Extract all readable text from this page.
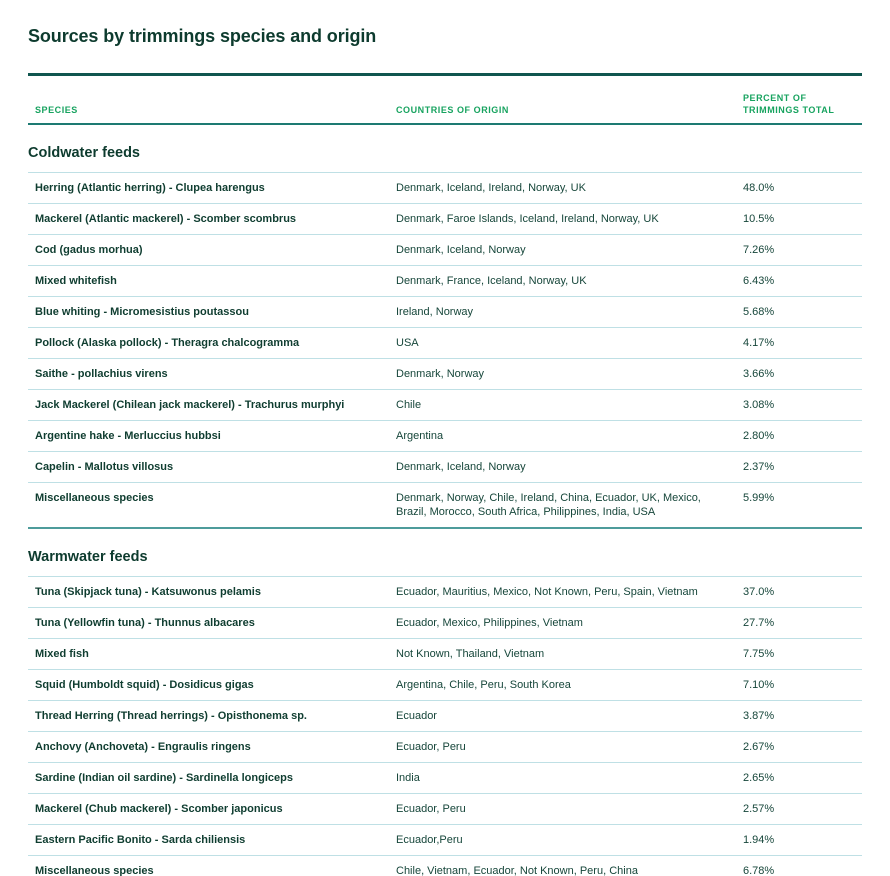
Sources by trimmings species and origin
SPECIES	COUNTRIES OF ORIGIN	PERCENT OF
TRIMMINGS TOTAL

Coldwater feeds		

Herring (Atlantic herring) - Clupea harengus	Denmark, Iceland, Ireland, Norway, UK	48.0%
Mackerel (Atlantic mackerel) - Scomber scombrus	Denmark, Faroe Islands, Iceland, Ireland, Norway, UK	10.5%
Cod (gadus morhua)	Denmark, Iceland, Norway	7.26%
Mixed whitefish	Denmark, France, Iceland, Norway, UK	6.43%
Blue whiting - Micromesistius poutassou	Ireland, Norway	5.68%
Pollock (Alaska pollock) - Theragra chalcogramma	USA	4.17%
Saithe - pollachius virens	Denmark, Norway	3.66%
Jack Mackerel (Chilean jack mackerel) - Trachurus murphyi	Chile	3.08%
Argentine hake - Merluccius hubbsi	Argentina	2.80%
Capelin - Mallotus villosus	Denmark, Iceland, Norway	2.37%
Miscellaneous species	Denmark, Norway, Chile, Ireland, China, Ecuador, UK, Mexico, Brazil, Morocco, South Africa, Philippines, India, USA	5.99%

Warmwater feeds		

Tuna (Skipjack tuna) - Katsuwonus pelamis	Ecuador, Mauritius, Mexico, Not Known, Peru, Spain, Vietnam	37.0%
Tuna (Yellowfin tuna) - Thunnus albacares	Ecuador, Mexico, Philippines, Vietnam	27.7%
Mixed fish	Not Known, Thailand, Vietnam	7.75%
Squid (Humboldt squid) - Dosidicus gigas	Argentina, Chile, Peru, South Korea	7.10%
Thread Herring (Thread herrings) - Opisthonema sp.	Ecuador	3.87%
Anchovy (Anchoveta) - Engraulis ringens	Ecuador, Peru	2.67%
Sardine (Indian oil sardine) - Sardinella longiceps	India	2.65%
Mackerel (Chub mackerel) - Scomber japonicus	Ecuador, Peru	2.57%
Eastern Pacific Bonito - Sarda chiliensis	Ecuador,Peru	1.94%
Miscellaneous species	Chile, Vietnam, Ecuador, Not Known, Peru, China	6.78%
